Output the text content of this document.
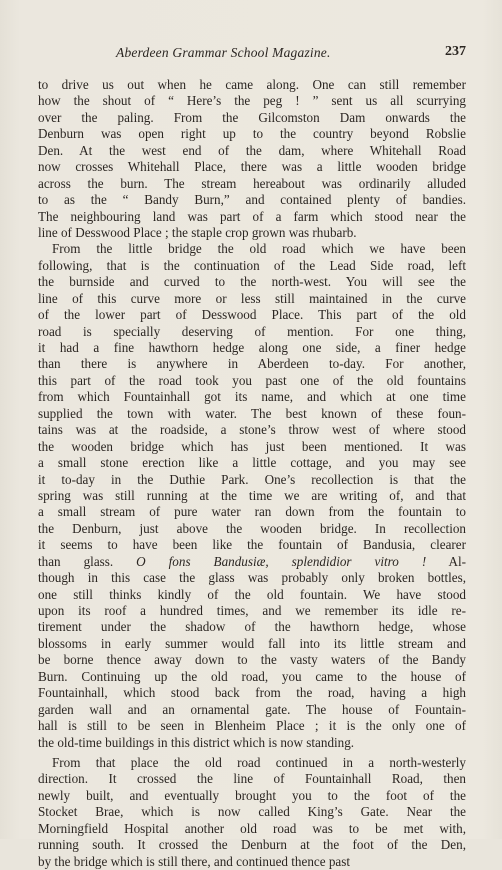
Aberdeen Grammar School Magazine.	237

to drive us out when he came along. One can still remember
how the shout of “ Here’s the peg ! ” sent us all scurrying
over the paling. From the Gilcomston Dam onwards the
Denburn was open right up to the country beyond Robslie
Den. At the west end of the dam, where Whitehall Road
now crosses Whitehall Place, there was a little wooden bridge
across the burn. The stream hereabout was ordinarily alluded
to as the “ Bandy Burn,” and contained plenty of bandies.
The neighbouring land was part of a farm which stood near the
line of Desswood Place ; the staple crop grown was rhubarb.

From the little bridge the old road which we have been
following, that is the continuation of the Lead Side road, left
the burnside and curved to the north-west. You will see the
line of this curve more or less still maintained in the curve
of the lower part of Desswood Place. This part of the old
road is specially deserving of mention. For one thing,
it had a fine hawthorn hedge along one side, a finer hedge
than there is anywhere in Aberdeen to-day. For another,
this part of the road took you past one of the old fountains
from which Fountainhall got its name, and which at one time
supplied the town with water. The best known of these foun-
tains was at the roadside, a stone’s throw west of where stood
the wooden bridge which has just been mentioned. It was
a small stone erection like a little cottage, and you may see
it to-day in the Duthie Park. One’s recollection is that the
spring was still running at the time we are writing of, and that
a small stream of pure water ran down from the fountain to
the Denburn, just above the wooden bridge. In recollection
it seems to have been like the fountain of Bandusia, clearer
than glass. O fons Bandusiæ, splendidior vitro ! Al-
though in this case the glass was probably only broken bottles,
one still thinks kindly of the old fountain. We have stood
upon its roof a hundred times, and we remember its idle re-
tirement under the shadow of the hawthorn hedge, whose
blossoms in early summer would fall into its little stream and
be borne thence away down to the vasty waters of the Bandy
Burn. Continuing up the old road, you came to the house of
Fountainhall, which stood back from the road, having a high
garden wall and an ornamental gate. The house of Fountain-
hall is still to be seen in Blenheim Place ; it is the only one of
the old-time buildings in this district which is now standing.

From that place the old road continued in a north-westerly
direction. It crossed the line of Fountainhall Road, then
newly built, and eventually brought you to the foot of the
Stocket Brae, which is now called King’s Gate. Near the
Morningfield Hospital another old road was to be met with,
running south. It crossed the Denburn at the foot of the Den,
by the bridge which is still there, and continued thence past
